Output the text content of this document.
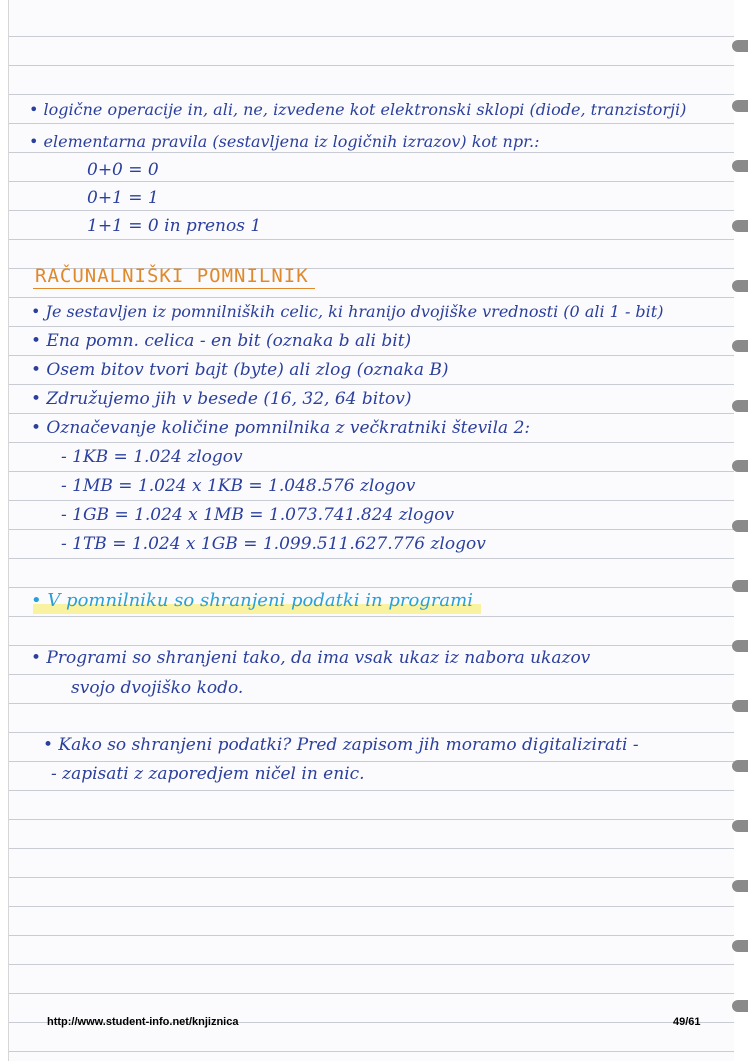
• logične operacije in, ali, ne, izvedene kot elektronski sklopi (diode, tranzistorji)
• elementarna pravila (sestavljena iz logičnih izrazov) kot npr.:
0+0 = 0
0+1 = 1
1+1 = 0 in prenos 1
RAČUNALNIŠKI POMNILNIK
• Je sestavljen iz pomnilniških celic, ki hranijo dvojiške vrednosti (0 ali 1 - bit)
• Ena pomn. celica - en bit (oznaka b ali bit)
• Osem bitov tvori bajt (byte) ali zlog (oznaka B)
• Združujemo jih v besede (16, 32, 64 bitov)
• Označevanje količine pomnilnika z večkratniki števila 2:
- 1KB = 1.024 zlogov
- 1MB = 1.024 x 1KB = 1.048.576 zlogov
- 1GB = 1.024 x 1MB = 1.073.741.824 zlogov
- 1TB = 1.024 x 1GB = 1.099.511.627.776 zlogov
• V pomnilniku so shranjeni podatki in programi
• Programi so shranjeni tako, da ima vsak ukaz iz nabora ukazov
svojo dvojiško kodo.
• Kako so shranjeni podatki? Pred zapisom jih moramo digitalizirati -
- zapisati z zaporedjem ničel in enic.
http://www.student-info.net/knjiznica	49/61
